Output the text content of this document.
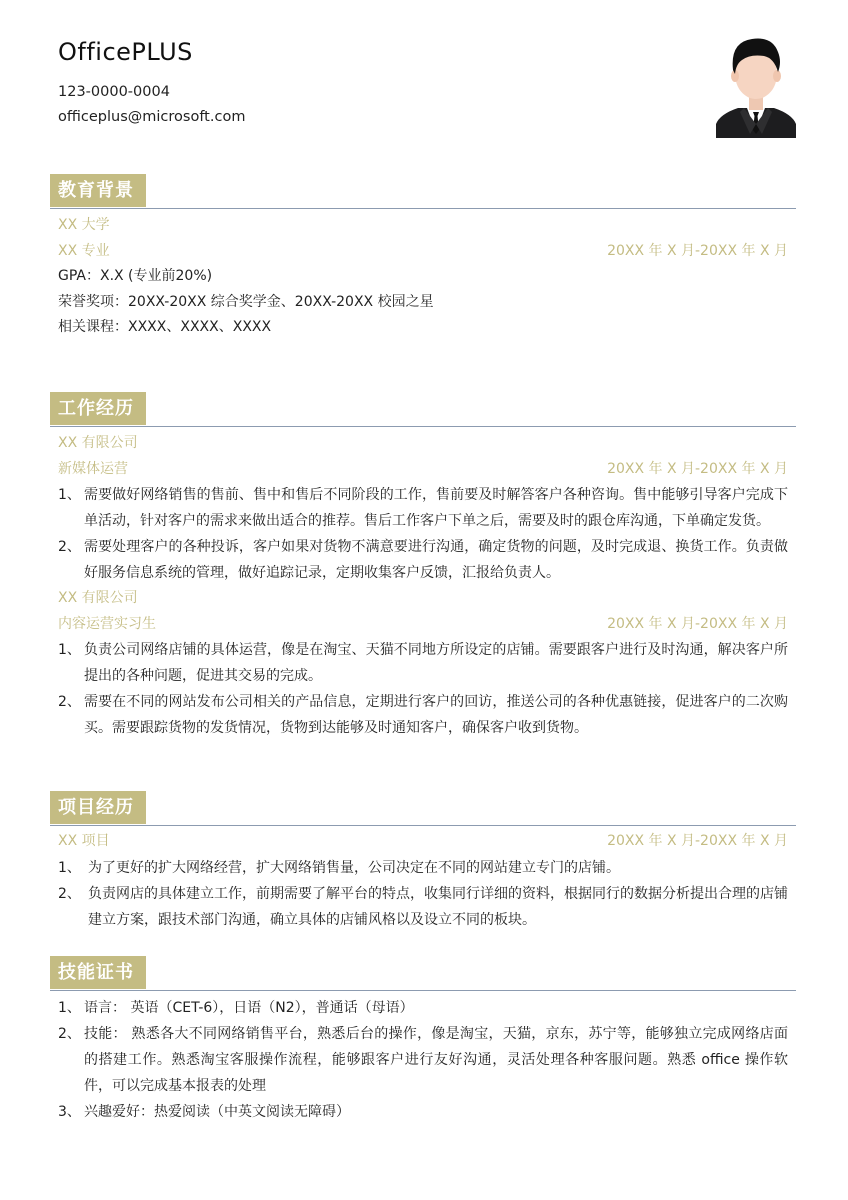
OfficePLUS
123-0000-0004
officeplus@microsoft.com
教育背景
XX 大学
XX 专业	20XX 年 X 月-20XX 年 X 月
GPA：X.X (专业前20%)
荣誉奖项：20XX-20XX 综合奖学金、20XX-20XX 校园之星
相关课程：XXXX、XXXX、XXXX
工作经历
XX 有限公司
新媒体运营	20XX 年 X 月-20XX 年 X 月
1、 需要做好网络销售的售前、售中和售后不同阶段的工作，售前要及时解答客户各种咨询。售中能够引导客户完成下单活动，针对客户的需求来做出适合的推荐。售后工作客户下单之后，需要及时的跟仓库沟通，下单确定发货。
2、 需要处理客户的各种投诉，客户如果对货物不满意要进行沟通，确定货物的问题，及时完成退、换货工作。负责做好服务信息系统的管理，做好追踪记录，定期收集客户反馈，汇报给负责人。
XX 有限公司
内容运营实习生	20XX 年 X 月-20XX 年 X 月
1、 负责公司网络店铺的具体运营，像是在淘宝、天猫不同地方所设定的店铺。需要跟客户进行及时沟通，解决客户所提出的各种问题，促进其交易的完成。
2、 需要在不同的网站发布公司相关的产品信息，定期进行客户的回访，推送公司的各种优惠链接，促进客户的二次购买。需要跟踪货物的发货情况，货物到达能够及时通知客户，确保客户收到货物。
项目经历
XX 项目	20XX 年 X 月-20XX 年 X 月
1、 为了更好的扩大网络经营，扩大网络销售量，公司决定在不同的网站建立专门的店铺。
2、 负责网店的具体建立工作，前期需要了解平台的特点，收集同行详细的资料，根据同行的数据分析提出合理的店铺建立方案，跟技术部门沟通，确立具体的店铺风格以及设立不同的板块。
技能证书
1、 语言： 英语（CET-6），日语（N2），普通话（母语）
2、 技能： 熟悉各大不同网络销售平台，熟悉后台的操作，像是淘宝，天猫，京东，苏宁等，能够独立完成网络店面的搭建工作。熟悉淘宝客服操作流程，能够跟客户进行友好沟通，灵活处理各种客服问题。熟悉 office 操作软件，可以完成基本报表的处理
3、 兴趣爱好：热爱阅读（中英文阅读无障碍）
